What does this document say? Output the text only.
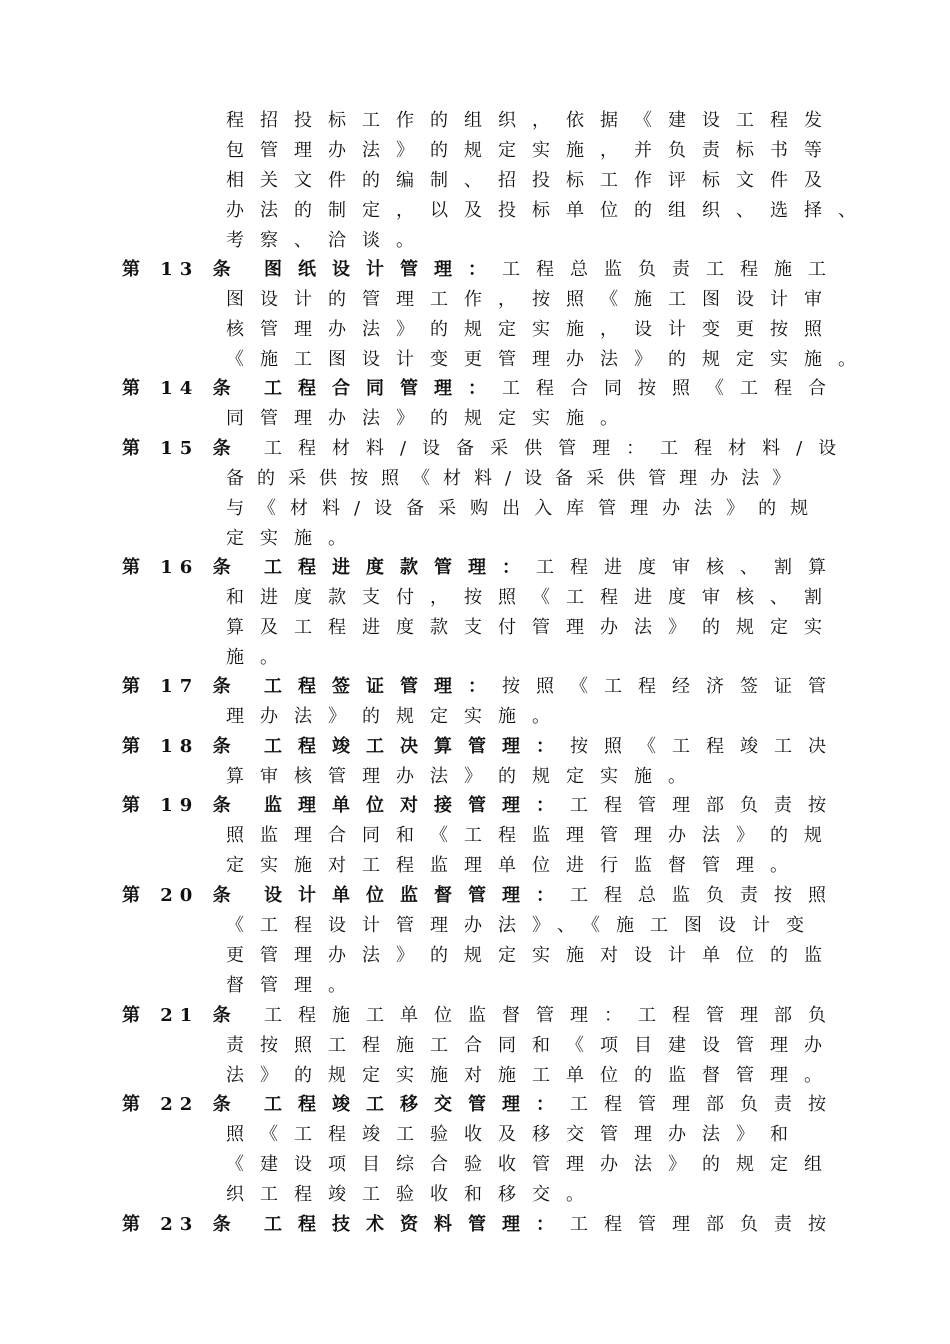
程招投标工作的组织，依据《建设工程发
包管理办法》的规定实施，并负责标书等
相关文件的编制、招投标工作评标文件及
办法的制定，以及投标单位的组织、选择、
考察、洽谈。
第 13 条 图纸设计管理：工程总监负责工程施工
图设计的管理工作，按照《施工图设计审
核管理办法》的规定实施，设计变更按照
《施工图设计变更管理办法》的规定实施。
第 14 条 工程合同管理：工程合同按照《工程合
同管理办法》的规定实施。
第 15 条 工程材料/设备采供管理：工程材料/设
备的采供按照《材料/设备采供管理办法》
与《材料/设备采购出入库管理办法》的规
定实施。
第 16 条 工程进度款管理：工程进度审核、割算
和进度款支付，按照《工程进度审核、割
算及工程进度款支付管理办法》的规定实
施。
第 17 条 工程签证管理：按照《工程经济签证管
理办法》的规定实施。
第 18 条 工程竣工决算管理：按照《工程竣工决
算审核管理办法》的规定实施。
第 19 条 监理单位对接管理：工程管理部负责按
照监理合同和《工程监理管理办法》的规
定实施对工程监理单位进行监督管理。
第 20 条 设计单位监督管理：工程总监负责按照
《工程设计管理办法》、《施工图设计变
更管理办法》的规定实施对设计单位的监
督管理。
第 21 条 工程施工单位监督管理：工程管理部负
责按照工程施工合同和《项目建设管理办
法》的规定实施对施工单位的监督管理。
第 22 条 工程竣工移交管理：工程管理部负责按
照《工程竣工验收及移交管理办法》和
《建设项目综合验收管理办法》的规定组
织工程竣工验收和移交。
第 23 条 工程技术资料管理：工程管理部负责按
